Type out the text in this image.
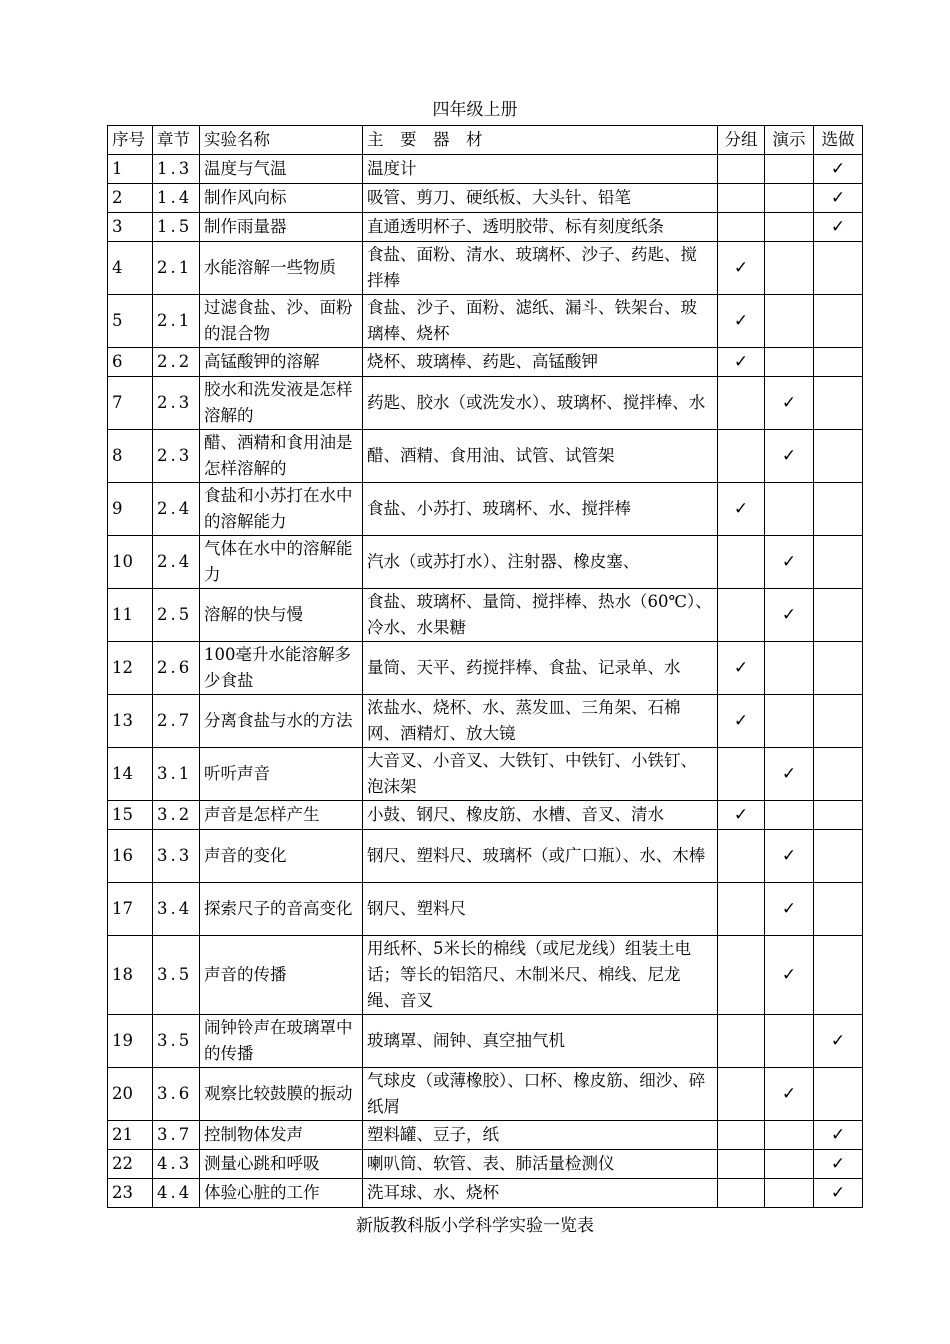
四年级上册
序号	章节	实验名称	主　要　器　材	分组	演示	选做
1	1.3	温度与气温	温度计			✓
2	1.4	制作风向标	吸管、剪刀、硬纸板、大头针、铅笔			✓
3	1.5	制作雨量器	直通透明杯子、透明胶带、标有刻度纸条			✓
4	2.1	水能溶解一些物质	食盐、面粉、清水、玻璃杯、沙子、药匙、搅拌棒	✓		
5	2.1	过滤食盐、沙、面粉的混合物	食盐、沙子、面粉、滤纸、漏斗、铁架台、玻璃棒、烧杯	✓		
6	2.2	高锰酸钾的溶解	烧杯、玻璃棒、药匙、高锰酸钾	✓		
7	2.3	胶水和洗发液是怎样溶解的	药匙、胶水（或洗发水）、玻璃杯、搅拌棒、水		✓	
8	2.3	醋、酒精和食用油是怎样溶解的	醋、酒精、食用油、试管、试管架		✓	
9	2.4	食盐和小苏打在水中的溶解能力	食盐、小苏打、玻璃杯、水、搅拌棒	✓		
10	2.4	气体在水中的溶解能力	汽水（或苏打水）、注射器、橡皮塞、		✓	
11	2.5	溶解的快与慢	食盐、玻璃杯、量筒、搅拌棒、热水（60℃）、冷水、水果糖		✓	
12	2.6	100毫升水能溶解多少食盐	量筒、天平、药搅拌棒、食盐、记录单、水	✓		
13	2.7	分离食盐与水的方法	浓盐水、烧杯、水、蒸发皿、三角架、石棉网、酒精灯、放大镜	✓		
14	3.1	听听声音	大音叉、小音叉、大铁钉、中铁钉、小铁钉、泡沫架		✓	
15	3.2	声音是怎样产生	小鼓、钢尺、橡皮筋、水槽、音叉、清水	✓		
16	3.3	声音的变化	钢尺、塑料尺、玻璃杯（或广口瓶）、水、木棒		✓	
17	3.4	探索尺子的音高变化	钢尺、塑料尺		✓	
18	3.5	声音的传播	用纸杯、5米长的棉线（或尼龙线）组装土电话；等长的铝箔尺、木制米尺、棉线、尼龙绳、音叉		✓	
19	3.5	闹钟铃声在玻璃罩中的传播	玻璃罩、闹钟、真空抽气机			✓
20	3.6	观察比较鼓膜的振动	气球皮（或薄橡胶）、口杯、橡皮筋、细沙、碎纸屑		✓	
21	3.7	控制物体发声	塑料罐、豆子，纸			✓
22	4.3	测量心跳和呼吸	喇叭筒、软管、表、肺活量检测仪			✓
23	4.4	体验心脏的工作	洗耳球、水、烧杯			✓
新版教科版小学科学实验一览表
